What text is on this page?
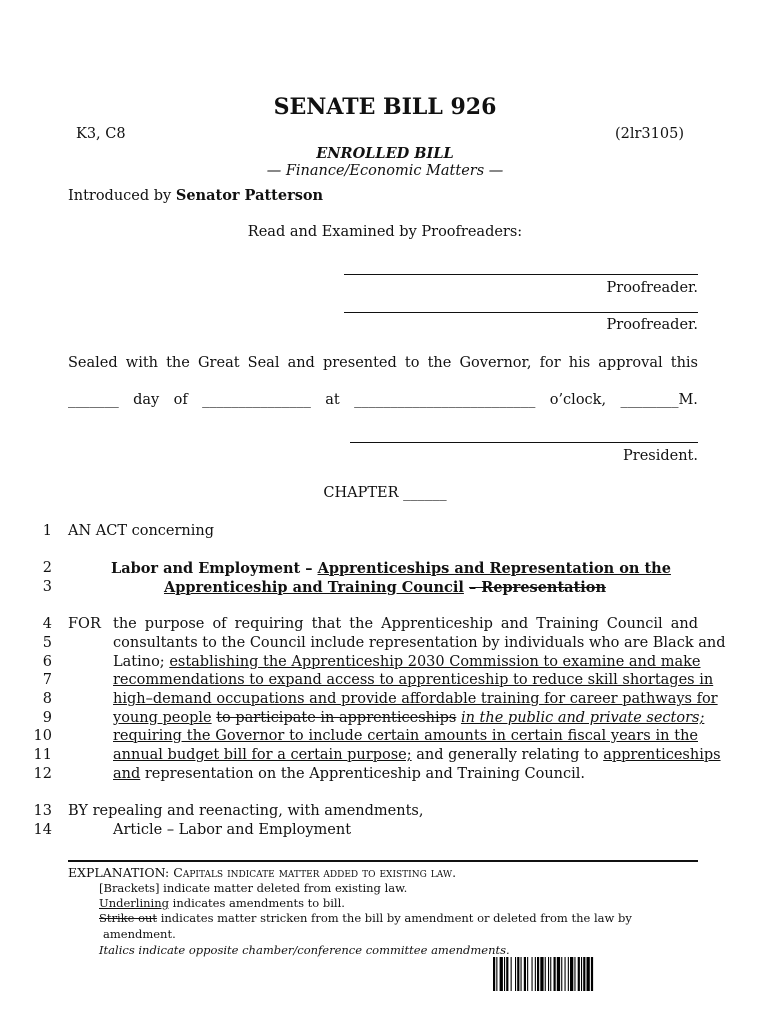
SENATE BILL 926
K3, C8	(2lr3105)
ENROLLED BILL
— Finance/Economic Matters —
Introduced by Senator Patterson
Read and Examined by Proofreaders:
Proofreader.
Proofreader.
Sealed with the Great Seal and presented to the Governor, for his approval this
_______ day of _______________ at _________________________ o’clock, ________M.
President.
CHAPTER ______
1
2
3
4
5
6
7
8
9
10
11
12
13
14
AN ACT concerning
Labor and Employment – Apprenticeships and Representation on the
Apprenticeship and Training Council – Representation
FOR the purpose of requiring that the Apprenticeship and Training Council and
consultants to the Council include representation by individuals who are Black and
Latino; establishing the Apprenticeship 2030 Commission to examine and make
recommendations to expand access to apprenticeship to reduce skill shortages in
high–demand occupations and provide affordable training for career pathways for
young people to participate in apprenticeships in the public and private sectors;
requiring the Governor to include certain amounts in certain fiscal years in the
annual budget bill for a certain purpose; and generally relating to apprenticeships
and representation on the Apprenticeship and Training Council.
BY repealing and reenacting, with amendments,
Article – Labor and Employment
EXPLANATION: Capitals indicate matter added to existing law.
[Brackets] indicate matter deleted from existing law.
Underlining indicates amendments to bill.
Strike out indicates matter stricken from the bill by amendment or deleted from the law by
amendment.
Italics indicate opposite chamber/conference committee amendments.
